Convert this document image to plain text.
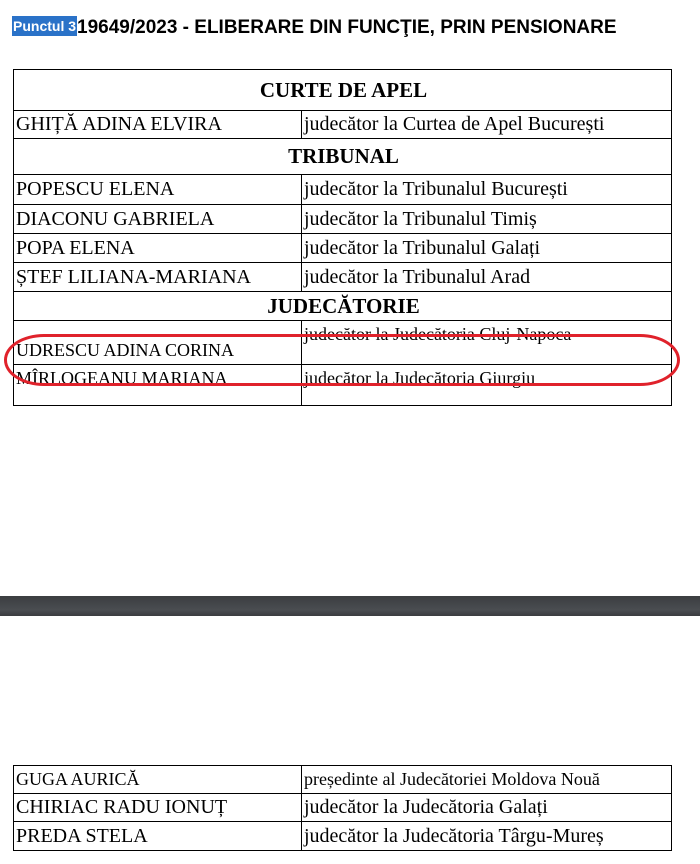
Punctul 319649/2023 - ELIBERARE DIN FUNCŢIE, PRIN PENSIONARE
CURTE DE APEL	
GHIȚĂ ADINA ELVIRA	judecător la Curtea de Apel București
TRIBUNAL	
POPESCU ELENA	judecător la Tribunalul București
DIACONU GABRIELA	judecător la Tribunalul Timiș
POPA ELENA	judecător la Tribunalul Galați
ȘTEF LILIANA-MARIANA	judecător la Tribunalul Arad
JUDECĂTORIE	
UDRESCU ADINA CORINA	judecător la Judecătoria Cluj-Napoca
MÎRLOGEANU MARIANA	judecător la Judecătoria Giurgiu
GUGA AURICĂ	președinte al Judecătoriei Moldova Nouă
CHIRIAC RADU IONUȚ	judecător la Judecătoria Galați
PREDA STELA	judecător la Judecătoria Târgu-Mureș
